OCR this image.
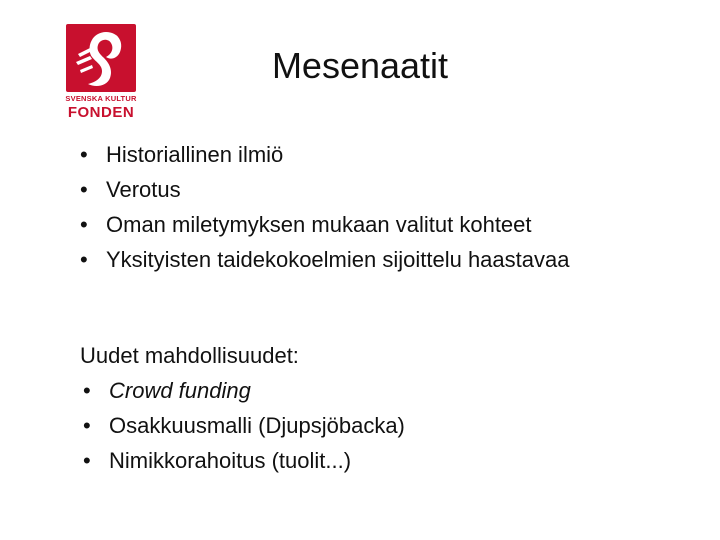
SVENSKA KULTUR
FONDEN
Mesenaatit
• Historiallinen ilmiö
• Verotus
• Oman miletymyksen mukaan valitut kohteet
• Yksityisten taidekokoelmien sijoittelu haastavaa
Uudet mahdollisuudet:
• Crowd funding
• Osakkuusmalli (Djupsjöbacka)
• Nimikkorahoitus (tuolit...)
